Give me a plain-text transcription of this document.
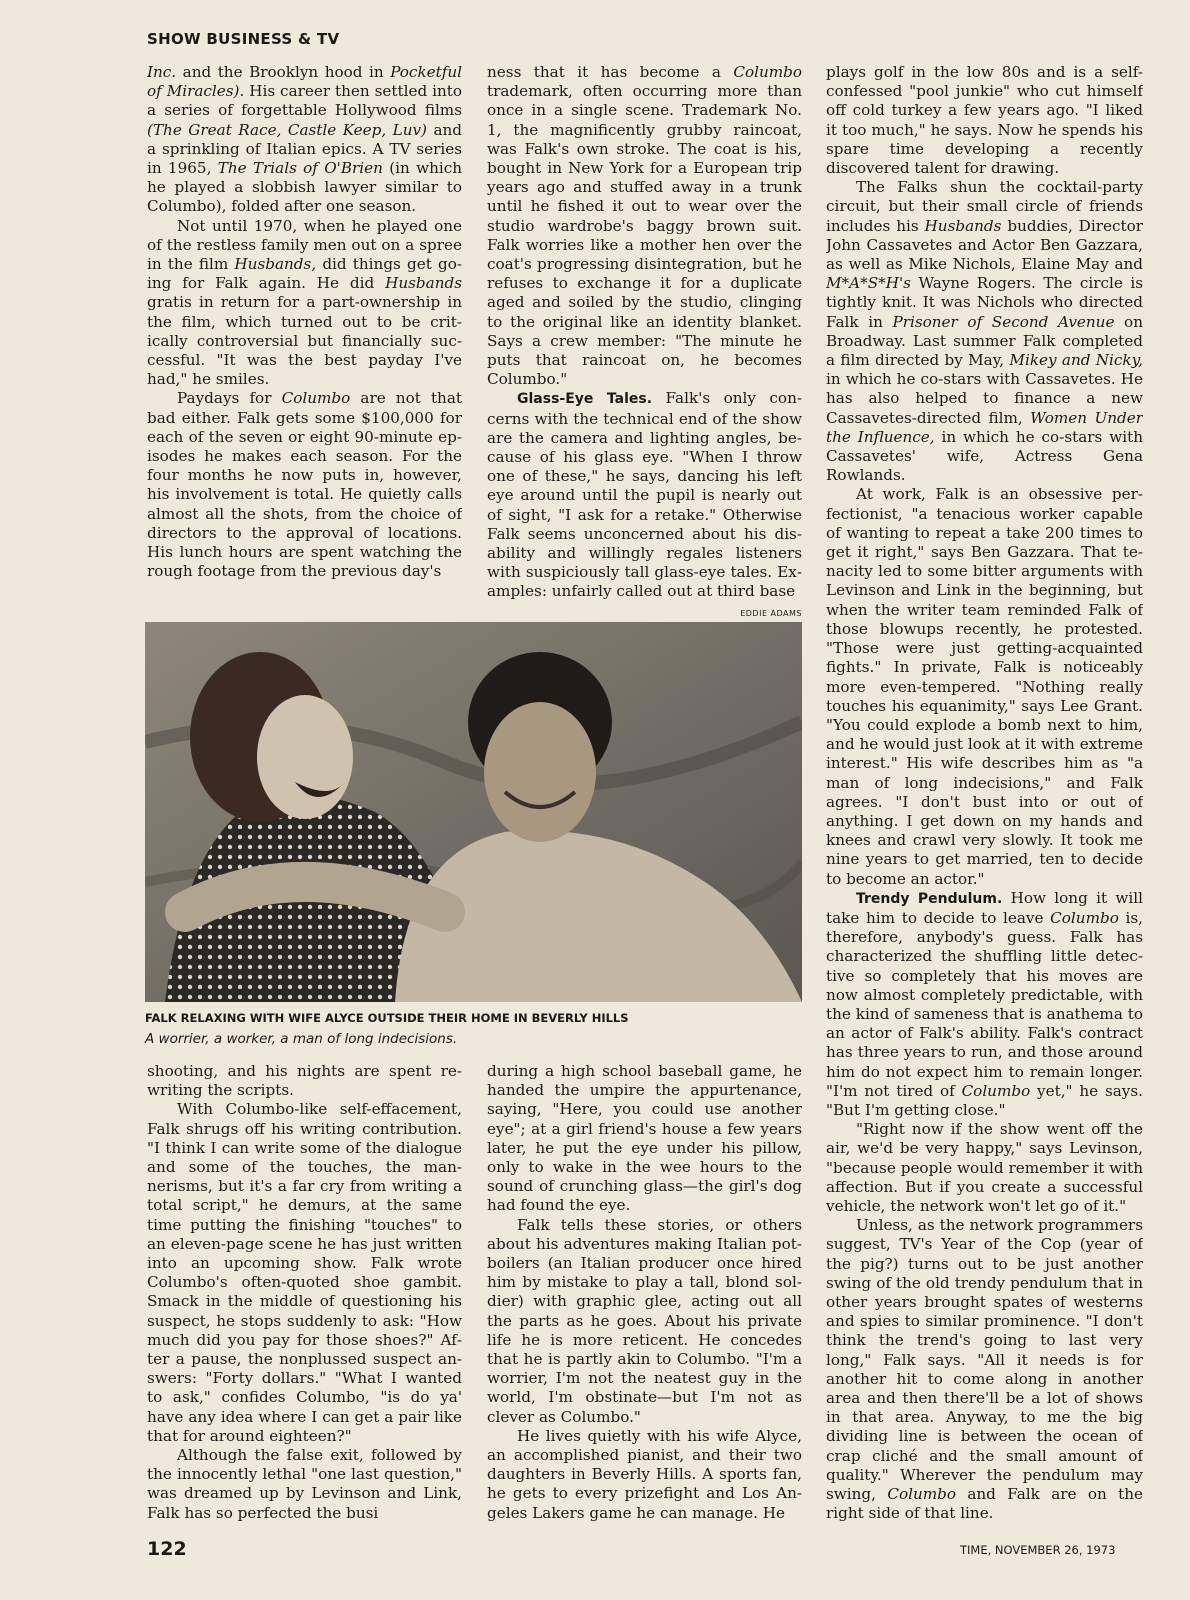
SHOW BUSINESS & TV

Inc. and the Brooklyn hood in Pocketful of Miracles). His career then settled into a series of forgettable Hollywood films (The Great Race, Castle Keep, Luv) and a sprinkling of Italian epics. A TV series in 1965, The Trials of O'Brien (in which he played a slobbish lawyer similar to Columbo), folded after one season.

Not until 1970, when he played one of the restless family men out on a spree in the film Husbands, did things get going for Falk again. He did Husbands gratis in return for a part-ownership in the film, which turned out to be critically controversial but financially successful. "It was the best payday I've had," he smiles.

Paydays for Columbo are not that bad either. Falk gets some $100,000 for each of the seven or eight 90-minute episodes he makes each season. For the four months he now puts in, however, his involvement is total. He quietly calls almost all the shots, from the choice of directors to the approval of locations. His lunch hours are spent watching the rough footage from the previous day's

ness that it has become a Columbo trademark, often occurring more than once in a single scene. Trademark No. 1, the magnificently grubby raincoat, was Falk's own stroke. The coat is his, bought in New York for a European trip years ago and stuffed away in a trunk until he fished it out to wear over the studio wardrobe's baggy brown suit. Falk worries like a mother hen over the coat's progressing disintegration, but he refuses to exchange it for a duplicate aged and soiled by the studio, clinging to the original like an identity blanket. Says a crew member: "The minute he puts that raincoat on, he becomes Columbo."

Glass-Eye Tales. Falk's only concerns with the technical end of the show are the camera and lighting angles, because of his glass eye. "When I throw one of these," he says, dancing his left eye around until the pupil is nearly out of sight, "I ask for a retake." Otherwise Falk seems unconcerned about his disability and willingly regales listeners with suspiciously tall glass-eye tales. Examples: unfairly called out at third base

plays golf in the low 80s and is a self-confessed "pool junkie" who cut himself off cold turkey a few years ago. "I liked it too much," he says. Now he spends his spare time developing a recently discovered talent for drawing.

The Falks shun the cocktail-party circuit, but their small circle of friends includes his Husbands buddies, Director John Cassavetes and Actor Ben Gazzara, as well as Mike Nichols, Elaine May and M*A*S*H's Wayne Rogers. The circle is tightly knit. It was Nichols who directed Falk in Prisoner of Second Avenue on Broadway. Last summer Falk completed a film directed by May, Mikey and Nicky, in which he co-stars with Cassavetes. He has also helped to finance a new Cassavetes-directed film, Women Under the Influence, in which he co-stars with Cassavetes' wife, Actress Gena Rowlands.

At work, Falk is an obsessive perfectionist, "a tenacious worker capable of wanting to repeat a take 200 times to get it right," says Ben Gazzara. That tenacity led to some bitter arguments with Levinson and Link in the beginning, but when the writer team reminded Falk of those blowups recently, he protested. "Those were just getting-acquainted fights." In private, Falk is noticeably more even-tempered. "Nothing really touches his equanimity," says Lee Grant. "You could explode a bomb next to him, and he would just look at it with extreme interest." His wife describes him as "a man of long indecisions," and Falk agrees. "I don't bust into or out of anything. I get down on my hands and knees and crawl very slowly. It took me nine years to get married, ten to decide to become an actor."

Trendy Pendulum. How long it will take him to decide to leave Columbo is, therefore, anybody's guess. Falk has characterized the shuffling little detective so completely that his moves are now almost completely predictable, with the kind of sameness that is anathema to an actor of Falk's ability. Falk's contract has three years to run, and those around him do not expect him to remain longer. "I'm not tired of Columbo yet," he says. "But I'm getting close."

"Right now if the show went off the air, we'd be very happy," says Levinson, "because people would remember it with affection. But if you create a successful vehicle, the network won't let go of it."

Unless, as the network programmers suggest, TV's Year of the Cop (year of the pig?) turns out to be just another swing of the old trendy pendulum that in other years brought spates of westerns and spies to similar prominence. "I don't think the trend's going to last very long," Falk says. "All it needs is for another hit to come along in another area and then there'll be a lot of shows in that area. Anyway, to me the big dividing line is between the ocean of crap cliché and the small amount of quality." Wherever the pendulum may swing, Columbo and Falk are on the right side of that line.

EDDIE ADAMS
FALK RELAXING WITH WIFE ALYCE OUTSIDE THEIR HOME IN BEVERLY HILLS
A worrier, a worker, a man of long indecisions.

shooting, and his nights are spent rewriting the scripts.

With Columbo-like self-effacement, Falk shrugs off his writing contribution. "I think I can write some of the dialogue and some of the touches, the mannerisms, but it's a far cry from writing a total script," he demurs, at the same time putting the finishing "touches" to an eleven-page scene he has just written into an upcoming show. Falk wrote Columbo's often-quoted shoe gambit. Smack in the middle of questioning his suspect, he stops suddenly to ask: "How much did you pay for those shoes?" After a pause, the nonplussed suspect answers: "Forty dollars." "What I wanted to ask," confides Columbo, "is do ya' have any idea where I can get a pair like that for around eighteen?"

Although the false exit, followed by the innocently lethal "one last question," was dreamed up by Levinson and Link, Falk has so perfected the busi

during a high school baseball game, he handed the umpire the appurtenance, saying, "Here, you could use another eye"; at a girl friend's house a few years later, he put the eye under his pillow, only to wake in the wee hours to the sound of crunching glass—the girl's dog had found the eye.

Falk tells these stories, or others about his adventures making Italian potboilers (an Italian producer once hired him by mistake to play a tall, blond soldier) with graphic glee, acting out all the parts as he goes. About his private life he is more reticent. He concedes that he is partly akin to Columbo. "I'm a worrier, I'm not the neatest guy in the world, I'm obstinate—but I'm not as clever as Columbo."

He lives quietly with his wife Alyce, an accomplished pianist, and their two daughters in Beverly Hills. A sports fan, he gets to every prizefight and Los Angeles Lakers game he can manage. He

122	TIME, NOVEMBER 26, 1973
